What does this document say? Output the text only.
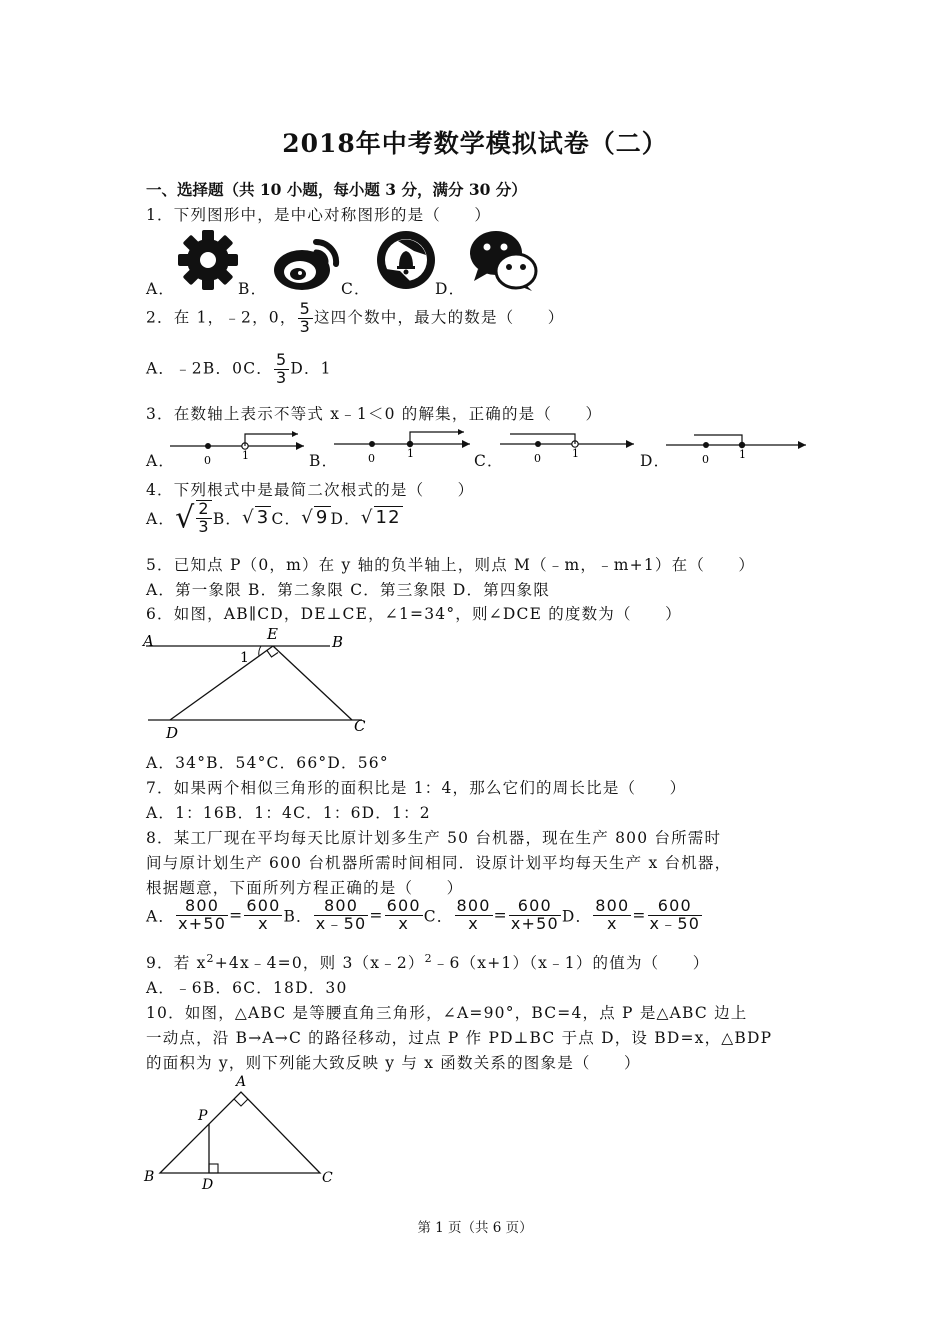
2018年中考数学模拟试卷（二）
一、选择题（共 10 小题，每小题 3 分，满分 30 分）
1．下列图形中，是中心对称图形的是（　　）
A．	B．	C．	D．
2．在 1，﹣2，0， $\frac{5}{3}$ 这四个数中，最大的数是（　　）
A．﹣2B．0C． $\frac{5}{3}$ D．1
3．在数轴上表示不等式 x﹣1＜0 的解集，正确的是（　　）
A．	B．	C．	D．
0	1	0	1	0	1	0	1
4．下列根式中是最简二次根式的是（　　）
A．√ $\frac{2}{3}$ B．√ 3 C．√ 9 D．√ 12
5．已知点 P（0，m）在 y 轴的负半轴上，则点 M（﹣m，﹣m+1）在（　　）
A．第一象限 B．第二象限 C．第三象限 D．第四象限
6．如图，AB∥CD，DE⊥CE，∠1=34°，则∠DCE 的度数为（　　）
A	E	B
1
D	C
A．34°B．54°C．66°D．56°
7．如果两个相似三角形的面积比是 1：4，那么它们的周长比是（　　）
A．1：16B．1：4C．1：6D．1：2
8．某工厂现在平均每天比原计划多生产 50 台机器，现在生产 800 台所需时
间与原计划生产 600 台机器所需时间相同．设原计划平均每天生产 x 台机器，
根据题意，下面所列方程正确的是（　　）
A． $\frac{800}{x+50} = \frac{600}{x}$ B． $\frac{800}{x﹣50} = \frac{600}{x}$ C． $\frac{800}{x} = \frac{600}{x+50}$ D． $\frac{800}{x} = \frac{600}{x﹣50}$
9．若 $x^2+4x﹣4=0$，则 3（x﹣2）$^2$﹣6（x+1）（x﹣1）的值为（　　）
A．﹣6B．6C．18D．30
10．如图，△ABC 是等腰直角三角形，∠A=90°，BC=4，点 P 是△ABC 边上
一动点，沿 B→A→C 的路径移动，过点 P 作 PD⊥BC 于点 D，设 BD=x，△BDP
的面积为 y，则下列能大致反映 y 与 x 函数关系的图象是（　　）
A
P
B	D	C
第 1 页（共 6 页）
